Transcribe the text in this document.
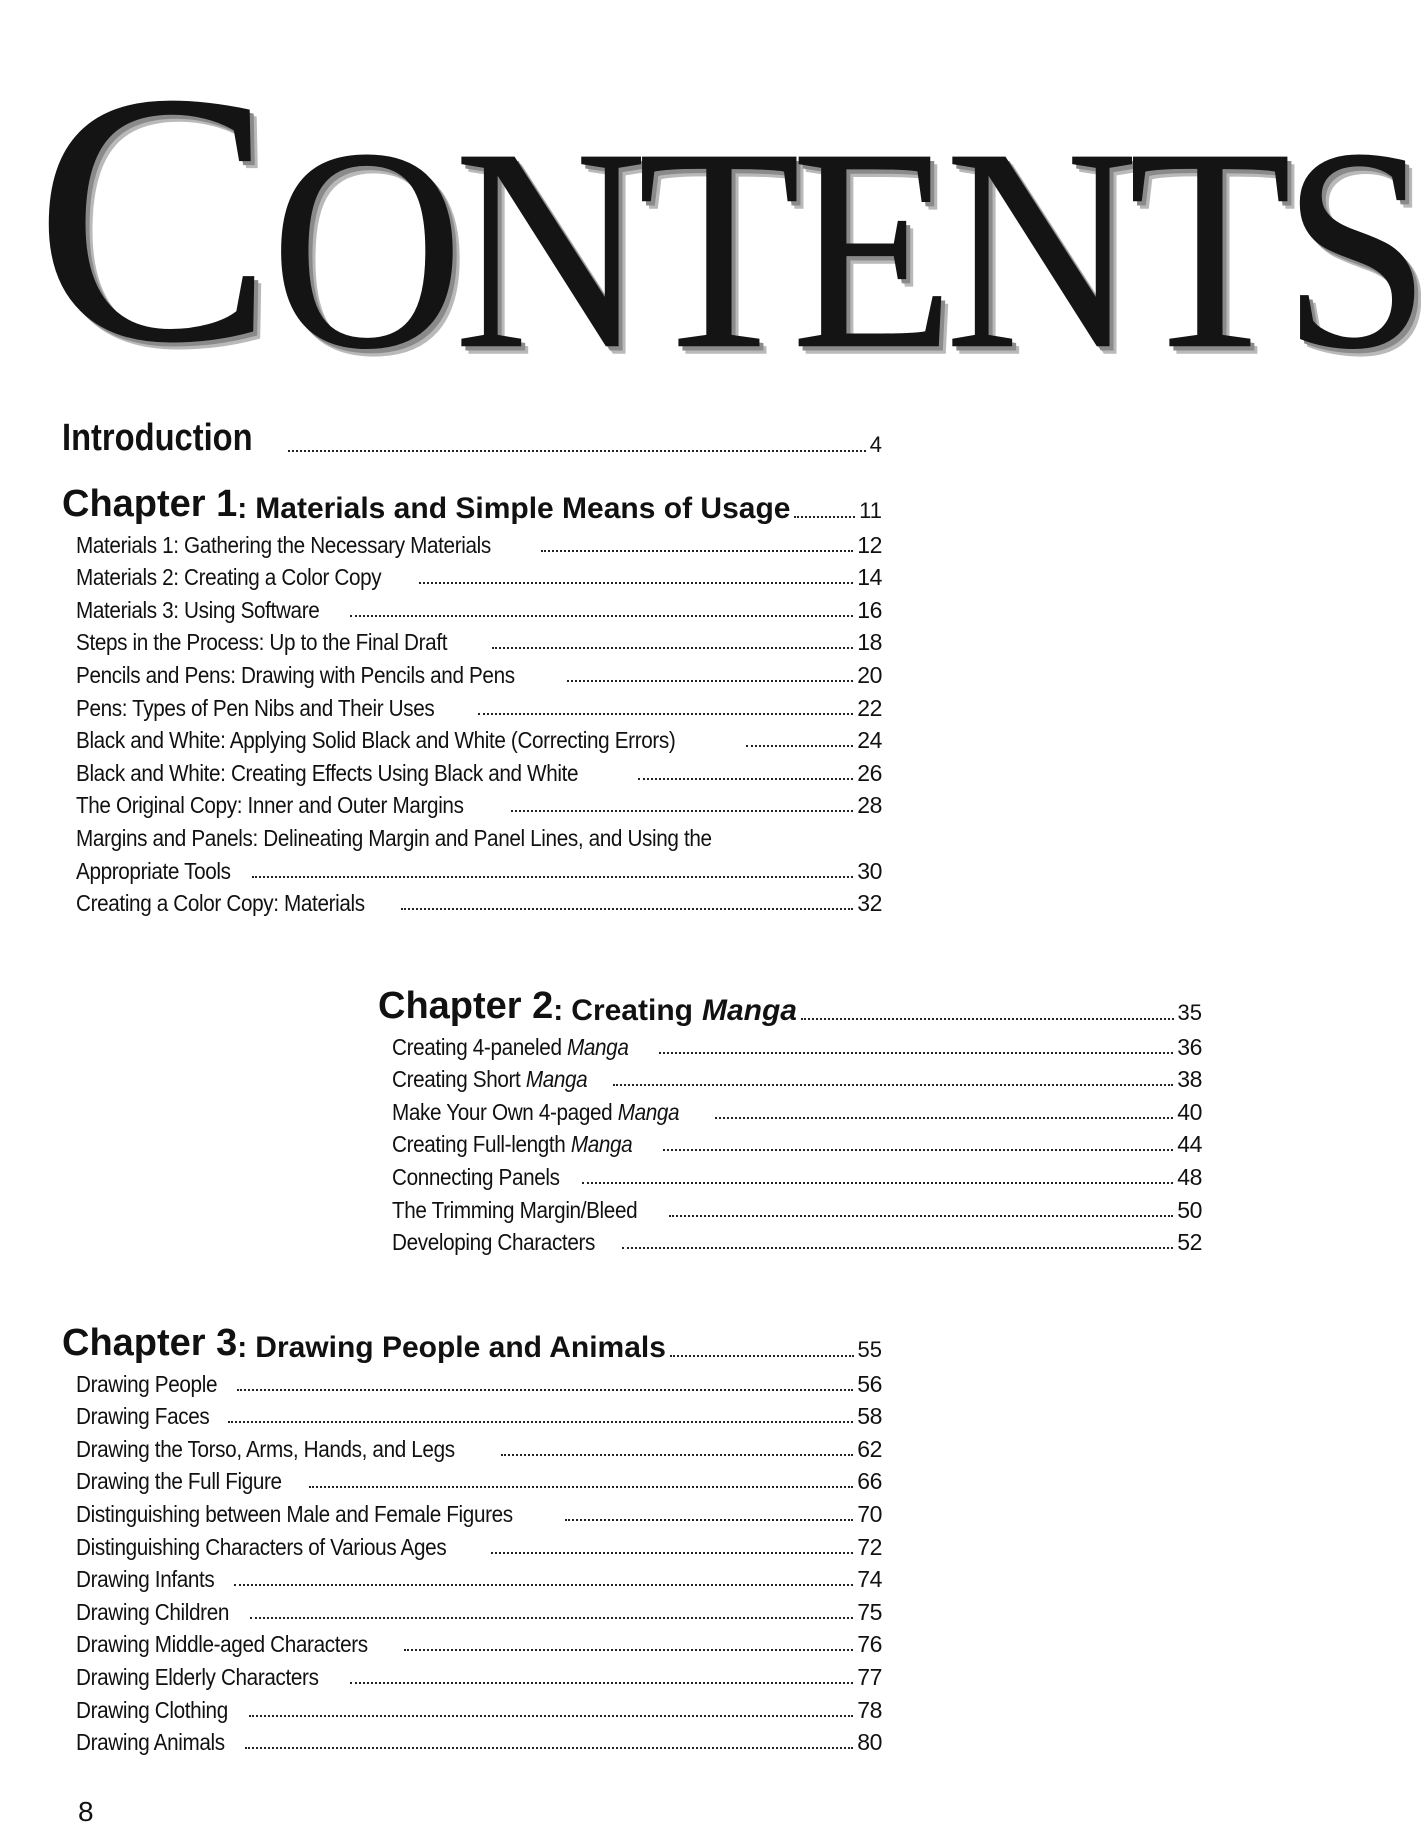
C ONTENTS
Introduction	4
Chapter 1 : Materials and Simple Means of Usage	11
Materials 1: Gathering the Necessary Materials	12
Materials 2: Creating a Color Copy	14
Materials 3: Using Software	16
Steps in the Process: Up to the Final Draft	18
Pencils and Pens: Drawing with Pencils and Pens	20
Pens: Types of Pen Nibs and Their Uses	22
Black and White: Applying Solid Black and White (Correcting Errors)	24
Black and White: Creating Effects Using Black and White	26
The Original Copy: Inner and Outer Margins	28
Margins and Panels: Delineating Margin and Panel Lines, and Using the
Appropriate Tools	30
Creating a Color Copy: Materials	32
Chapter 2 : Creating Manga	35
Creating 4-paneled Manga	36
Creating Short Manga	38
Make Your Own 4-paged Manga	40
Creating Full-length Manga	44
Connecting Panels	48
The Trimming Margin/Bleed	50
Developing Characters	52
Chapter 3 : Drawing People and Animals	55
Drawing People	56
Drawing Faces	58
Drawing the Torso, Arms, Hands, and Legs	62
Drawing the Full Figure	66
Distinguishing between Male and Female Figures	70
Distinguishing Characters of Various Ages	72
Drawing Infants	74
Drawing Children	75
Drawing Middle-aged Characters	76
Drawing Elderly Characters	77
Drawing Clothing	78
Drawing Animals	80
8
